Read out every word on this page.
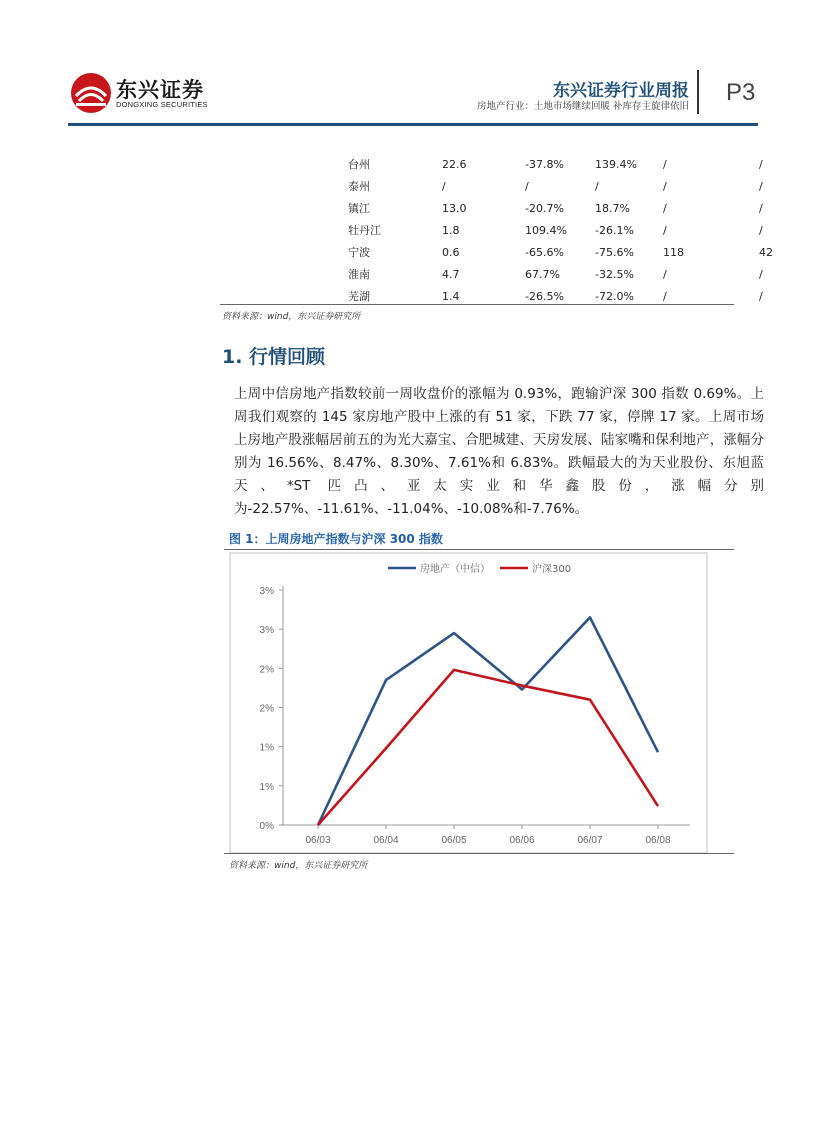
东兴证券
DONGXING SECURITIES
东兴证券行业周报
房地产行业：土地市场继续回暖 补库存主旋律依旧
P3
台州	22.6	-37.8%	139.4%	/	/
泰州	/	/	/	/	/
镇江	13.0	-20.7%	18.7%	/	/
牡丹江	1.8	109.4%	-26.1%	/	/
宁波	0.6	-65.6%	-75.6%	118	42
淮南	4.7	67.7%	-32.5%	/	/
芜湖	1.4	-26.5%	-72.0%	/	/
资料来源：wind，东兴证券研究所
1. 行情回顾
上周中信房地产指数较前一周收盘价的涨幅为 0.93%，跑输沪深 300 指数 0.69%。上周我们观察的 145 家房地产股中上涨的有 51 家，下跌 77 家，停牌 17 家。上周市场上房地产股涨幅居前五的为光大嘉宝、合肥城建、天房发展、陆家嘴和保利地产，涨幅分别为 16.56%、8.47%、8.30%、7.61%和 6.83%。跌幅最大的为天业股份、东旭蓝天、*ST 匹凸、亚太实业和华鑫股份，涨幅分别为-22.57%、-11.61%、-11.04%、-10.08%和-7.76%。
图 1：上周房地产指数与沪深 300 指数
0%
1%
1%
2%
2%
3%
3%
06/03	06/04	06/05	06/06	06/07	06/08
房地产（中信）	沪深300
资料来源：wind，东兴证券研究所
